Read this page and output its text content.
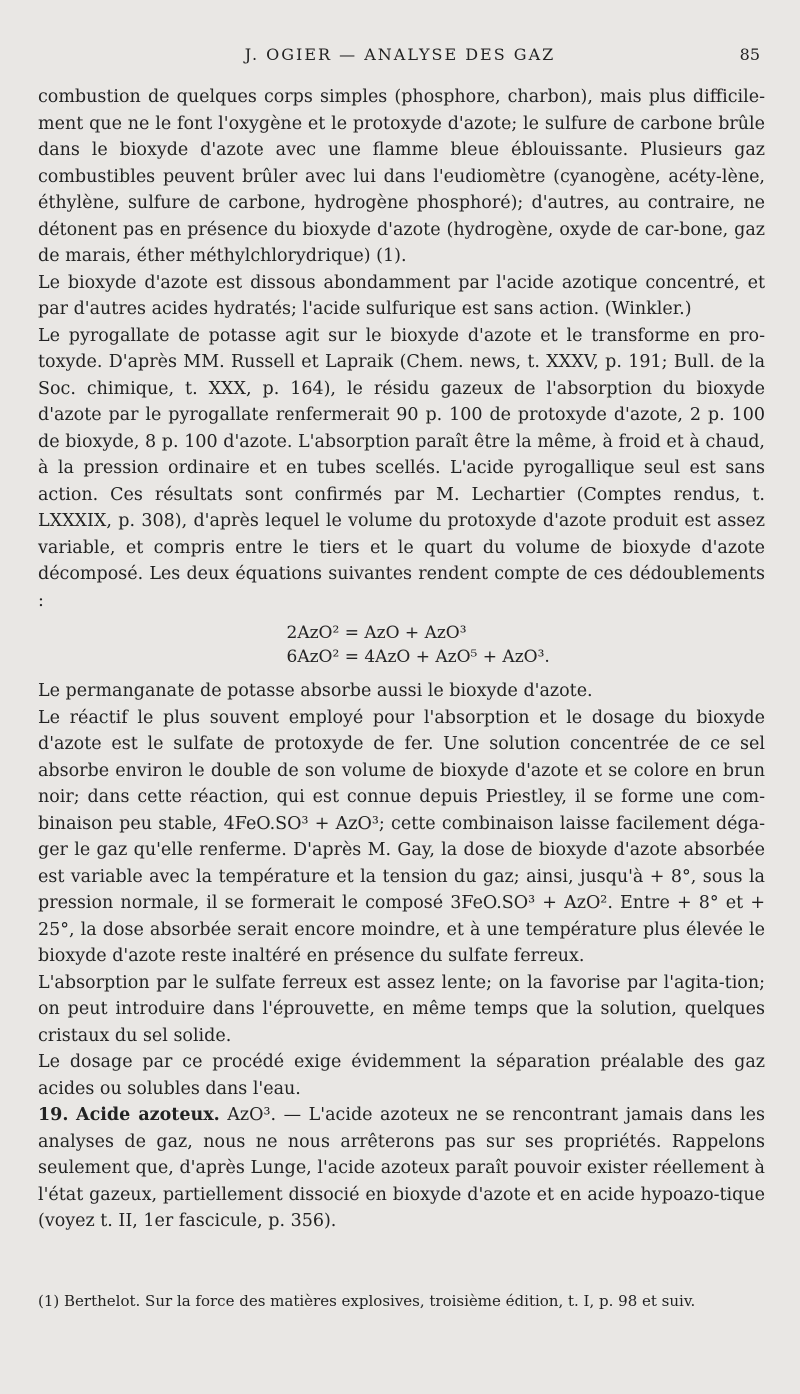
J. OGIER — ANALYSE DES GAZ	85

combustion de quelques corps simples (phosphore, charbon), mais plus difficile-ment que ne le font l'oxygène et le protoxyde d'azote; le sulfure de carbone brûle dans le bioxyde d'azote avec une flamme bleue éblouissante. Plusieurs gaz combustibles peuvent brûler avec lui dans l'eudiomètre (cyanogène, acéty-lène, éthylène, sulfure de carbone, hydrogène phosphoré); d'autres, au contraire, ne détonent pas en présence du bioxyde d'azote (hydrogène, oxyde de car-bone, gaz de marais, éther méthylchlorydrique) (1).

Le bioxyde d'azote est dissous abondamment par l'acide azotique concentré, et par d'autres acides hydratés; l'acide sulfurique est sans action. (Winkler.)

Le pyrogallate de potasse agit sur le bioxyde d'azote et le transforme en pro-toxyde. D'après MM. Russell et Lapraik (Chem. news, t. XXXV, p. 191; Bull. de la Soc. chimique, t. XXX, p. 164), le résidu gazeux de l'absorption du bioxyde d'azote par le pyrogallate renfermerait 90 p. 100 de protoxyde d'azote, 2 p. 100 de bioxyde, 8 p. 100 d'azote. L'absorption paraît être la même, à froid et à chaud, à la pression ordinaire et en tubes scellés. L'acide pyrogallique seul est sans action. Ces résultats sont confirmés par M. Lechartier (Comptes rendus, t. LXXXIX, p. 308), d'après lequel le volume du protoxyde d'azote produit est assez variable, et compris entre le tiers et le quart du volume de bioxyde d'azote décomposé. Les deux équations suivantes rendent compte de ces dédoublements :

2AzO² = AzO + AzO³
6AzO² = 4AzO + AzO⁵ + AzO³.

Le permanganate de potasse absorbe aussi le bioxyde d'azote.

Le réactif le plus souvent employé pour l'absorption et le dosage du bioxyde d'azote est le sulfate de protoxyde de fer. Une solution concentrée de ce sel absorbe environ le double de son volume de bioxyde d'azote et se colore en brun noir; dans cette réaction, qui est connue depuis Priestley, il se forme une com-binaison peu stable, 4FeO.SO³ + AzO³; cette combinaison laisse facilement déga-ger le gaz qu'elle renferme. D'après M. Gay, la dose de bioxyde d'azote absorbée est variable avec la température et la tension du gaz; ainsi, jusqu'à + 8°, sous la pression normale, il se formerait le composé 3FeO.SO³ + AzO². Entre + 8° et + 25°, la dose absorbée serait encore moindre, et à une température plus élevée le bioxyde d'azote reste inaltéré en présence du sulfate ferreux.

L'absorption par le sulfate ferreux est assez lente; on la favorise par l'agita-tion; on peut introduire dans l'éprouvette, en même temps que la solution, quelques cristaux du sel solide.

Le dosage par ce procédé exige évidemment la séparation préalable des gaz acides ou solubles dans l'eau.

19. Acide azoteux. AzO³. — L'acide azoteux ne se rencontrant jamais dans les analyses de gaz, nous ne nous arrêterons pas sur ses propriétés. Rappelons seulement que, d'après Lunge, l'acide azoteux paraît pouvoir exister réellement à l'état gazeux, partiellement dissocié en bioxyde d'azote et en acide hypoazo-tique (voyez t. II, 1er fascicule, p. 356).

(1) Berthelot. Sur la force des matières explosives, troisième édition, t. I, p. 98 et suiv.
